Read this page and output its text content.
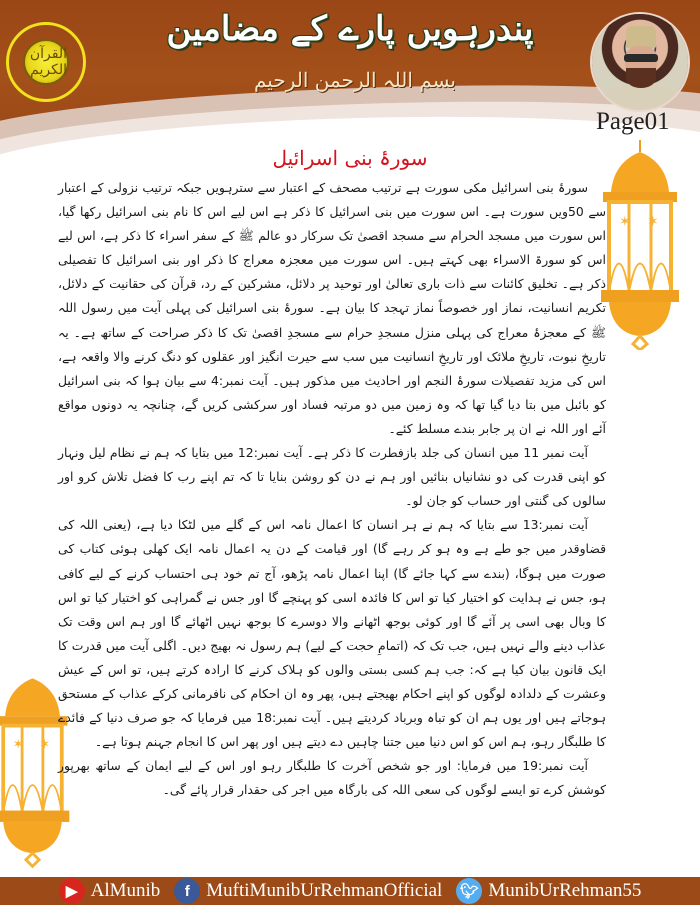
القرآن الکریم
پندرہویں پارے کے مضامین
بسم اللہ الرحمن الرحیم
Page01
✶ ✶
✶ ✶
سورۂ بنی اسرائیل

سورۂ بنی اسرائیل مکی سورت ہے ترتیب مصحف کے اعتبار سے سترہویں جبکہ ترتیب نزولی کے اعتبار سے 50ویں سورت ہے۔ اس سورت میں بنی اسرائیل کا ذکر ہے اس لیے اس کا نام بنی اسرائیل رکھا گیا، اس سورت میں مسجد الحرام سے مسجد اقصیٰ تک سرکار دو عالم ﷺ کے سفر اسراء کا ذکر ہے، اس لیے اس کو سورۃ الاسراء بھی کہتے ہیں۔ اس سورت میں معجزہ معراج کا ذکر اور بنی اسرائیل کا تفصیلی ذکر ہے۔ تخلیق کائنات سے ذات باری تعالیٰ اور توحید پر دلائل، مشرکین کے رد، قرآن کی حقانیت کے دلائل، تکریم انسانیت، نماز اور خصوصاً نماز تہجد کا بیان ہے۔ سورۂ بنی اسرائیل کی پہلی آیت میں رسول اللہ ﷺ کے معجزۂ معراج کی پہلی منزل مسجدِ حرام سے مسجدِ اقصیٰ تک کا ذکر صراحت کے ساتھ ہے۔ یہ تاریخِ نبوت، تاریخِ ملائک اور تاریخِ انسانیت میں سب سے حیرت انگیز اور عقلوں کو دنگ کرنے والا واقعہ ہے، اس کی مزید تفصیلات سورۂ النجم اور احادیث میں مذکور ہیں۔ آیت نمبر:4 سے بیان ہوا کہ بنی اسرائیل کو بائبل میں بتا دیا گیا تھا کہ وہ زمین میں دو مرتبہ فساد اور سرکشی کریں گے، چنانچہ یہ دونوں مواقع آئے اور اللہ نے ان پر جابر بندے مسلط کئے۔

آیت نمبر 11 میں انسان کی جلد بازفطرت کا ذکر ہے۔ آیت نمبر:12 میں بتایا کہ ہم نے نظام لیل ونہار کو اپنی قدرت کی دو نشانیاں بنائیں اور ہم نے دن کو روشن بنایا تا کہ تم اپنے رب کا فضل تلاش کرو اور سالوں کی گنتی اور حساب کو جان لو۔

آیت نمبر:13 سے بتایا کہ ہم نے ہر انسان کا اعمال نامہ اس کے گلے میں لٹکا دیا ہے، (یعنی اللہ کی قضاوقدر میں جو طے ہے وہ ہو کر رہے گا) اور قیامت کے دن یہ اعمال نامہ ایک کھلی ہوئی کتاب کی صورت میں ہوگا، (بندے سے کہا جائے گا) اپنا اعمال نامہ پڑھو، آج تم خود ہی احتساب کرنے کے لیے کافی ہو، جس نے ہدایت کو اختیار کیا تو اس کا فائدہ اسی کو پہنچے گا اور جس نے گمراہی کو اختیار کیا تو اس کا وبال بھی اسی پر آئے گا اور کوئی بوجھ اٹھانے والا دوسرے کا بوجھ نہیں اٹھائے گا اور ہم اس وقت تک عذاب دینے والے نہیں ہیں، جب تک کہ (اتمامِ حجت کے لیے) ہم رسول نہ بھیج دیں۔ اگلی آیت میں قدرت کا ایک قانون بیان کیا ہے کہ: جب ہم کسی بستی والوں کو ہلاک کرنے کا ارادہ کرتے ہیں، تو اس کے عیش وعشرت کے دلدادہ لوگوں کو اپنے احکام بھیجتے ہیں، پھر وہ ان احکام کی نافرمانی کرکے عذاب کے مستحق ہوجاتے ہیں اور یوں ہم ان کو تباہ وبرباد کردیتے ہیں۔ آیت نمبر:18 میں فرمایا کہ جو صرف دنیا کے فائدے کا طلبگار رہو، ہم اس کو اس دنیا میں جتنا چاہیں دے دیتے ہیں اور پھر اس کا انجام جہنم ہوتا ہے۔

آیت نمبر:19 میں فرمایا: اور جو شخص آخرت کا طلبگار رہو اور اس کے لیے ایمان کے ساتھ بھرپور کوشش کرے تو ایسے لوگوں کی سعی اللہ کی بارگاہ میں اجر کی حقدار قرار پائے گی۔

▶ AlMunib	f MuftiMunibUrRehmanOfficial 🐦︎ MunibUrRehman55
